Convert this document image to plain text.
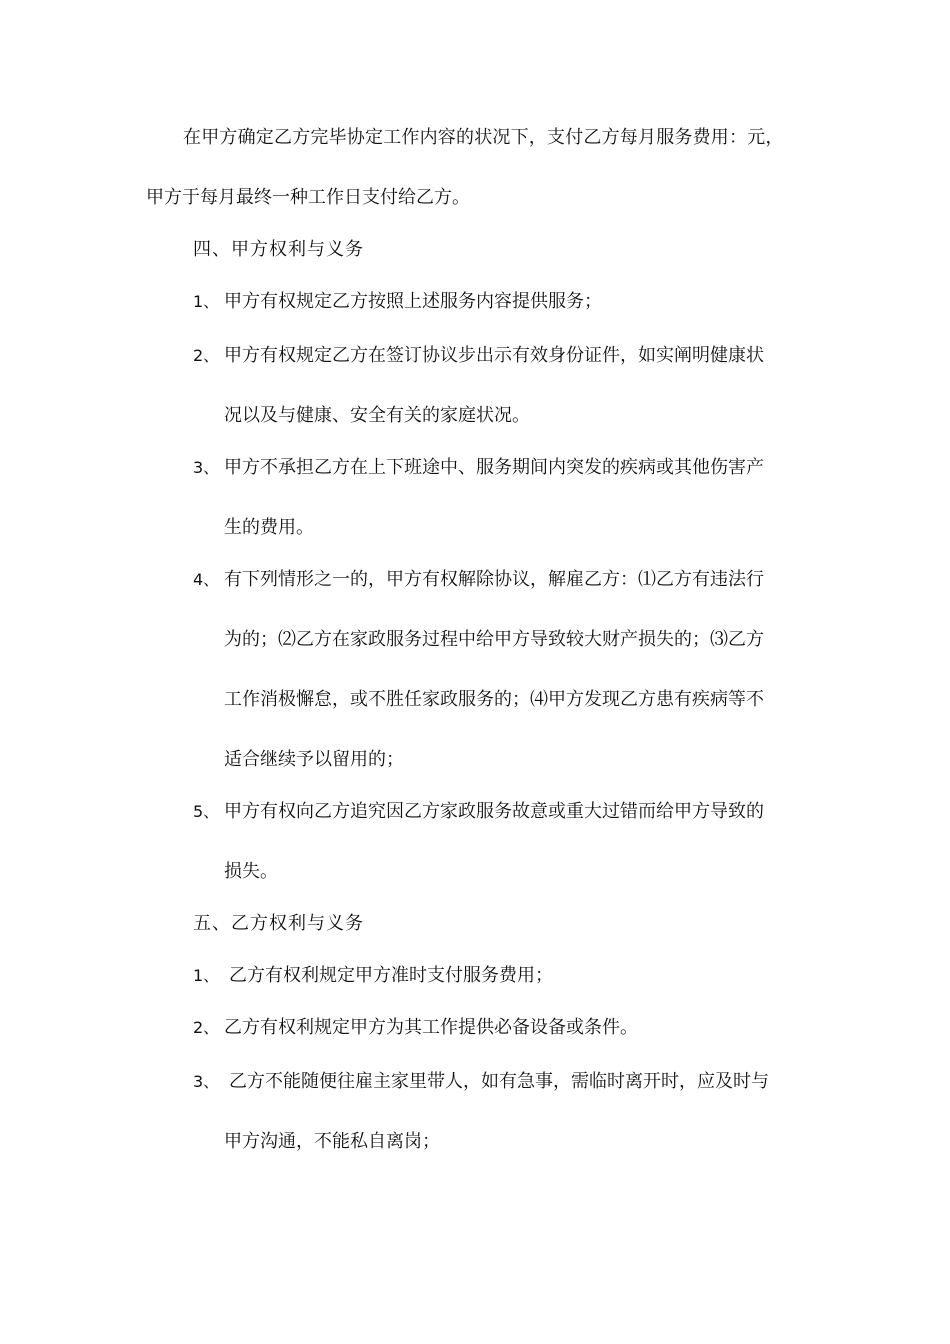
在甲方确定乙方完毕协定工作内容的状况下，支付乙方每月服务费用：元，
甲方于每月最终一种工作日支付给乙方。
四、甲方权利与义务
1、 甲方有权规定乙方按照上述服务内容提供服务；
2、 甲方有权规定乙方在签订协议步出示有效身份证件，如实阐明健康状
况以及与健康、安全有关的家庭状况。
3、 甲方不承担乙方在上下班途中、服务期间内突发的疾病或其他伤害产
生的费用。
4、 有下列情形之一的，甲方有权解除协议，解雇乙方：⑴乙方有违法行
为的；⑵乙方在家政服务过程中给甲方导致较大财产损失的；⑶乙方
工作消极懈怠，或不胜任家政服务的；⑷甲方发现乙方患有疾病等不
适合继续予以留用的；
5、 甲方有权向乙方追究因乙方家政服务故意或重大过错而给甲方导致的
损失。
五、乙方权利与义务
1、 乙方有权利规定甲方准时支付服务费用；
2、 乙方有权利规定甲方为其工作提供必备设备或条件。
3、 乙方不能随便往雇主家里带人，如有急事，需临时离开时，应及时与
甲方沟通，不能私自离岗；
